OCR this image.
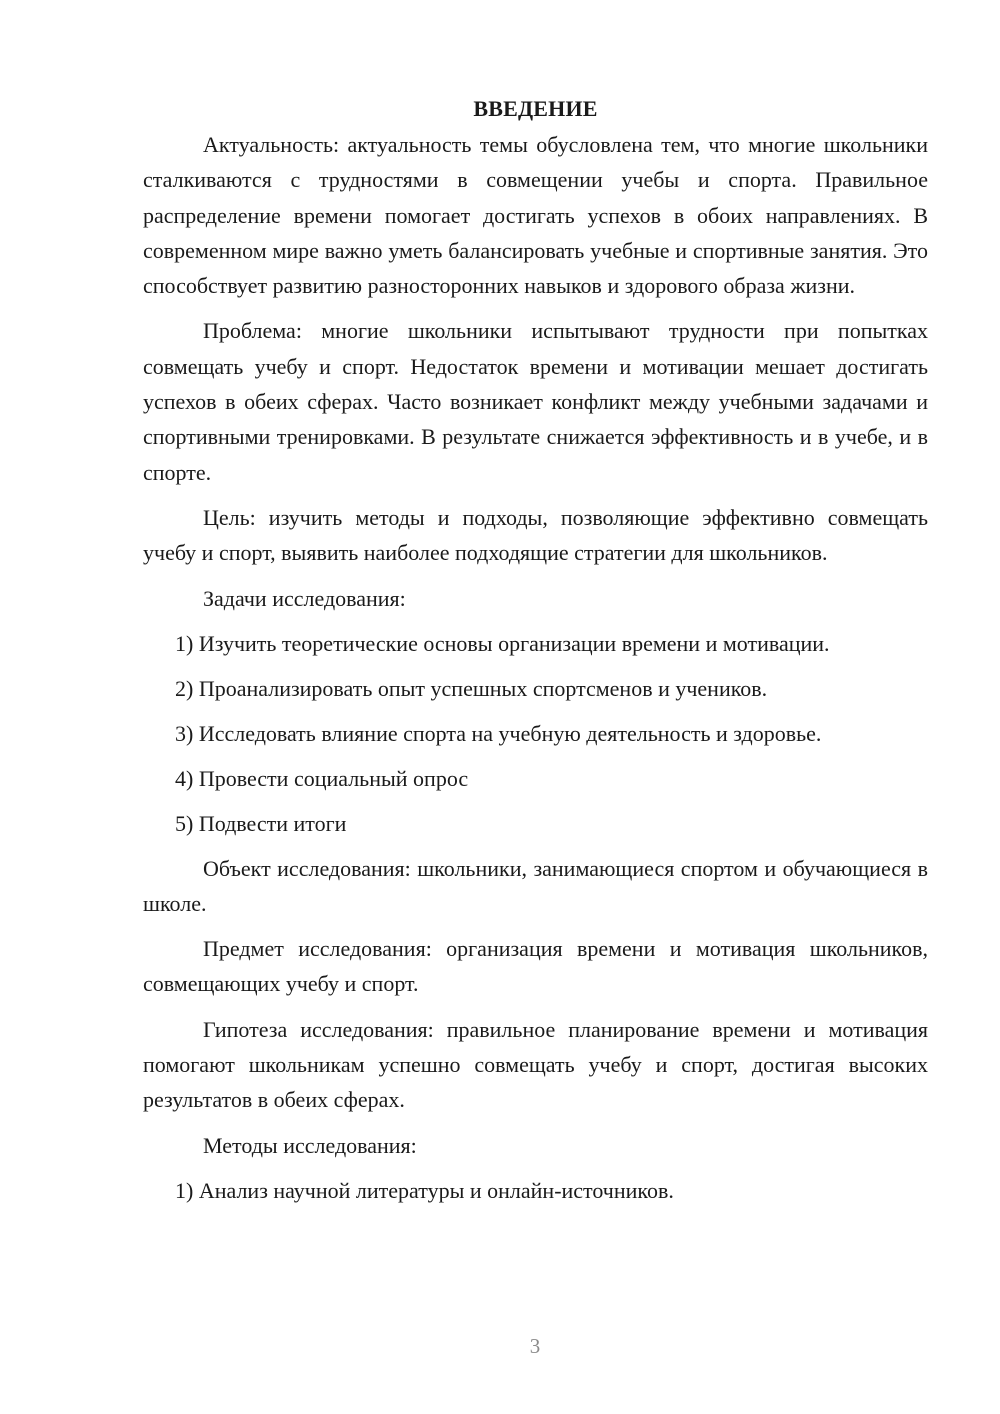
ВВЕДЕНИЕ

Актуальность: актуальность темы обусловлена тем, что многие школьники сталкиваются с трудностями в совмещении учебы и спорта. Правильное распределение времени помогает достигать успехов в обоих направлениях. В современном мире важно уметь балансировать учебные и спортивные занятия. Это способствует развитию разносторонних навыков и здорового образа жизни.

Проблема: многие школьники испытывают трудности при попытках совмещать учебу и спорт. Недостаток времени и мотивации мешает достигать успехов в обеих сферах. Часто возникает конфликт между учебными задачами и спортивными тренировками. В результате снижается эффективность и в учебе, и в спорте.

Цель: изучить методы и подходы, позволяющие эффективно совмещать учебу и спорт, выявить наиболее подходящие стратегии для школьников.

Задачи исследования:

1) Изучить теоретические основы организации времени и мотивации.
2) Проанализировать опыт успешных спортсменов и учеников.
3) Исследовать влияние спорта на учебную деятельность и здоровье.
4) Провести социальный опрос
5) Подвести итоги

Объект исследования: школьники, занимающиеся спортом и обучающиеся в школе.

Предмет исследования: организация времени и мотивация школьников, совмещающих учебу и спорт.

Гипотеза исследования: правильное планирование времени и мотивация помогают школьникам успешно совмещать учебу и спорт, достигая высоких результатов в обеих сферах.

Методы исследования:

1) Анализ научной литературы и онлайн-источников.
3
